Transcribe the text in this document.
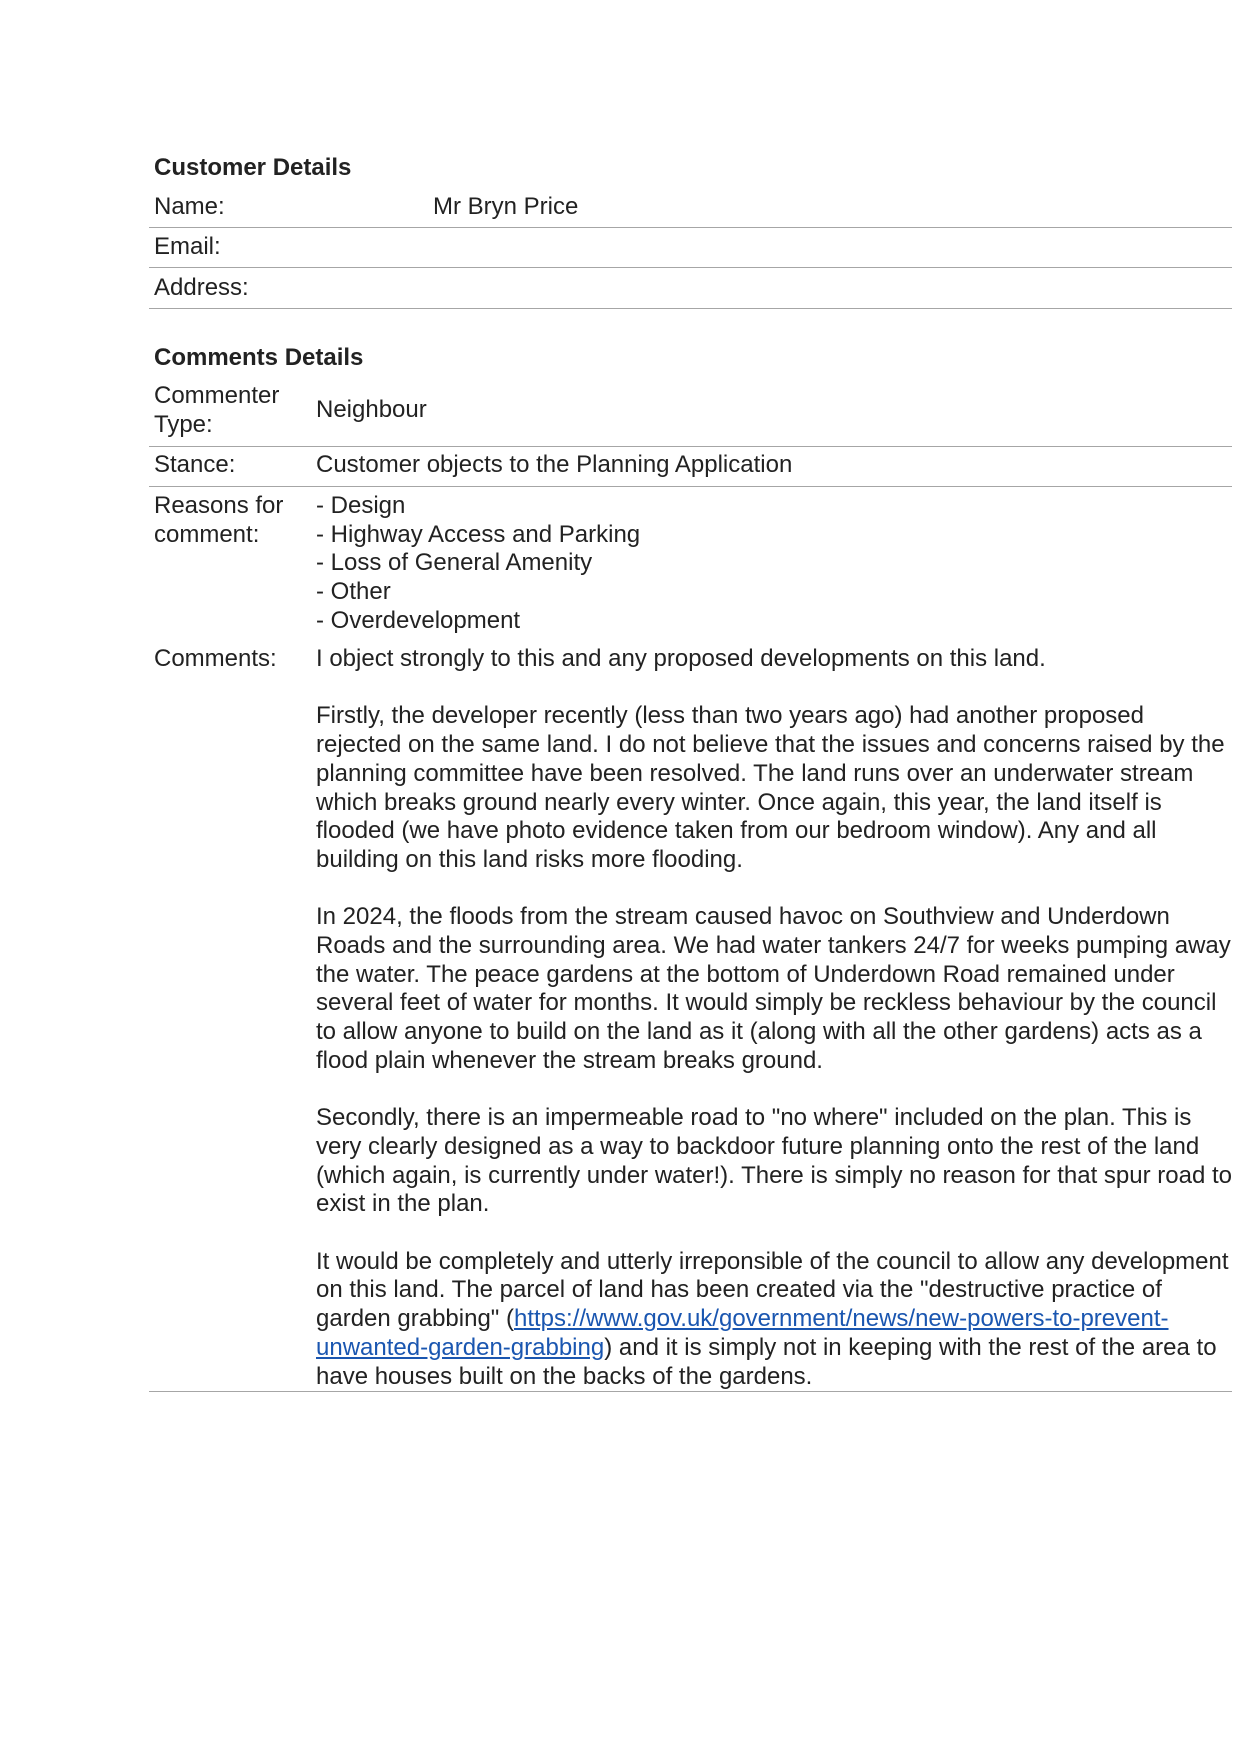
Customer Details
Name:	Mr Bryn Price
Email:
Address:
Comments Details
Commenter
Type:
Neighbour
Stance:	Customer objects to the Planning Application
Reasons for
comment:
- Design
- Highway Access and Parking
- Loss of General Amenity
- Other
- Overdevelopment
Comments:	I object strongly to this and any proposed developments on this land.

Firstly, the developer recently (less than two years ago) had another proposed rejected on the same land. I do not believe that the issues and concerns raised by the planning committee have been resolved. The land runs over an underwater stream which breaks ground nearly every winter. Once again, this year, the land itself is flooded (we have photo evidence taken from our bedroom window). Any and all building on this land risks more flooding.

In 2024, the floods from the stream caused havoc on Southview and Underdown Roads and the surrounding area. We had water tankers 24/7 for weeks pumping away the water. The peace gardens at the bottom of Underdown Road remained under several feet of water for months. It would simply be reckless behaviour by the council to allow anyone to build on the land as it (along with all the other gardens) acts as a flood plain whenever the stream breaks ground.

Secondly, there is an impermeable road to "no where" included on the plan. This is very clearly designed as a way to backdoor future planning onto the rest of the land (which again, is currently under water!). There is simply no reason for that spur road to exist in the plan.

It would be completely and utterly irreponsible of the council to allow any development on this land. The parcel of land has been created via the "destructive practice of garden grabbing" (https://www.gov.uk/government/news/new-powers-to-prevent-unwanted-garden-grabbing) and it is simply not in keeping with the rest of the area to have houses built on the backs of the gardens.
